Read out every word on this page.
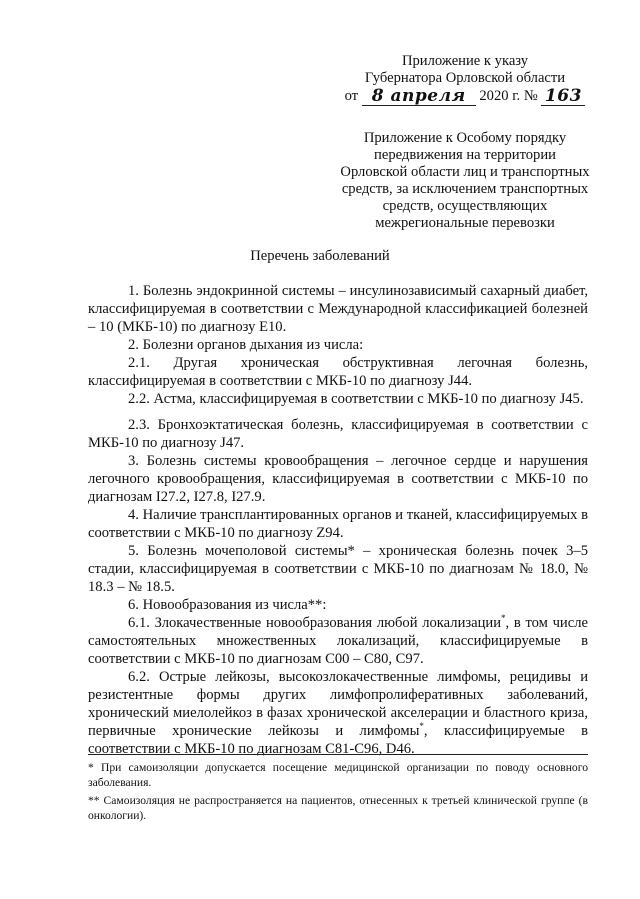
Приложение к указу
Губернатора Орловской области
от 8 апреля 2020 г. № 163
Приложение к Особому порядку
передвижения на территории
Орловской области лиц и транспортных
средств, за исключением транспортных
средств, осуществляющих
межрегиональные перевозки
Перечень заболеваний

1. Болезнь эндокринной системы – инсулинозависимый сахарный диабет, классифицируемая в соответствии с Международной классификацией болезней – 10 (МКБ-10) по диагнозу Е10.

2. Болезни органов дыхания из числа:

2.1. Другая хроническая обструктивная легочная болезнь, классифицируемая в соответствии с МКБ-10 по диагнозу J44.

2.2. Астма, классифицируемая в соответствии с МКБ-10 по диагнозу J45.

2.3. Бронхоэктатическая болезнь, классифицируемая в соответствии с МКБ-10 по диагнозу J47.

3. Болезнь системы кровообращения – легочное сердце и нарушения легочного кровообращения, классифицируемая в соответствии с МКБ-10 по диагнозам I27.2, I27.8, I27.9.

4. Наличие трансплантированных органов и тканей, классифицируемых в соответствии с МКБ-10 по диагнозу Z94.

5. Болезнь мочеполовой системы* – хроническая болезнь почек 3–5 стадии, классифицируемая в соответствии с МКБ-10 по диагнозам № 18.0, № 18.3 – № 18.5.

6. Новообразования из числа**:

6.1. Злокачественные новообразования любой локализации*, в том числе самостоятельных множественных локализаций, классифицируемые в соответствии с МКБ-10 по диагнозам С00 – С80, С97.

6.2. Острые лейкозы, высокозлокачественные лимфомы, рецидивы и резистентные формы других лимфопролиферативных заболеваний, хронический миелолейкоз в фазах хронической акселерации и бластного криза, первичные хронические лейкозы и лимфомы*, классифицируемые в соответствии с МКБ-10 по диагнозам С81-С96, D46.

* При самоизоляции допускается посещение медицинской организации по поводу основного заболевания.

** Самоизоляция не распространяется на пациентов, отнесенных к третьей клинической группе (в онкологии).
